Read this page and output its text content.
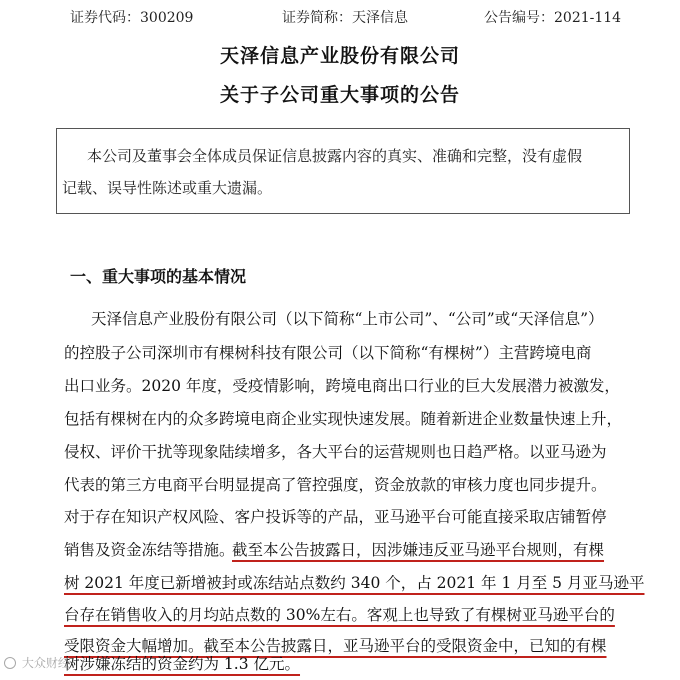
证券代码：300209	证券简称：天泽信息	公告编号：2021-114
天泽信息产业股份有限公司
关于子公司重大事项的公告
本公司及董事会全体成员保证信息披露内容的真实、准确和完整，没有虚假
记载、误导性陈述或重大遗漏。
一、重大事项的基本情况
天泽信息产业股份有限公司（以下简称“上市公司”、“公司”或“天泽信息”）
的控股子公司深圳市有棵树科技有限公司（以下简称“有棵树”）主营跨境电商
出口业务。2020 年度，受疫情影响，跨境电商出口行业的巨大发展潜力被激发，
包括有棵树在内的众多跨境电商企业实现快速发展。随着新进企业数量快速上升，
侵权、评价干扰等现象陆续增多，各大平台的运营规则也日趋严格。以亚马逊为
代表的第三方电商平台明显提高了管控强度，资金放款的审核力度也同步提升。
对于存在知识产权风险、客户投诉等的产品，亚马逊平台可能直接采取店铺暂停
销售及资金冻结等措施。
截至本公告披露日，因涉嫌违反亚马逊平台规则，有棵
树 2021 年度已新增被封或冻结站点数约 340 个，占 2021 年 1 月至 5 月亚马逊平
台存在销售收入的月均站点数的 30%左右。客观上也导致了有棵树亚马逊平台的
受限资金大幅增加。截至本公告披露日，亚马逊平台的受限资金中，已知的有棵
树涉嫌冻结的资金约为 1.3 亿元。
大众财经
